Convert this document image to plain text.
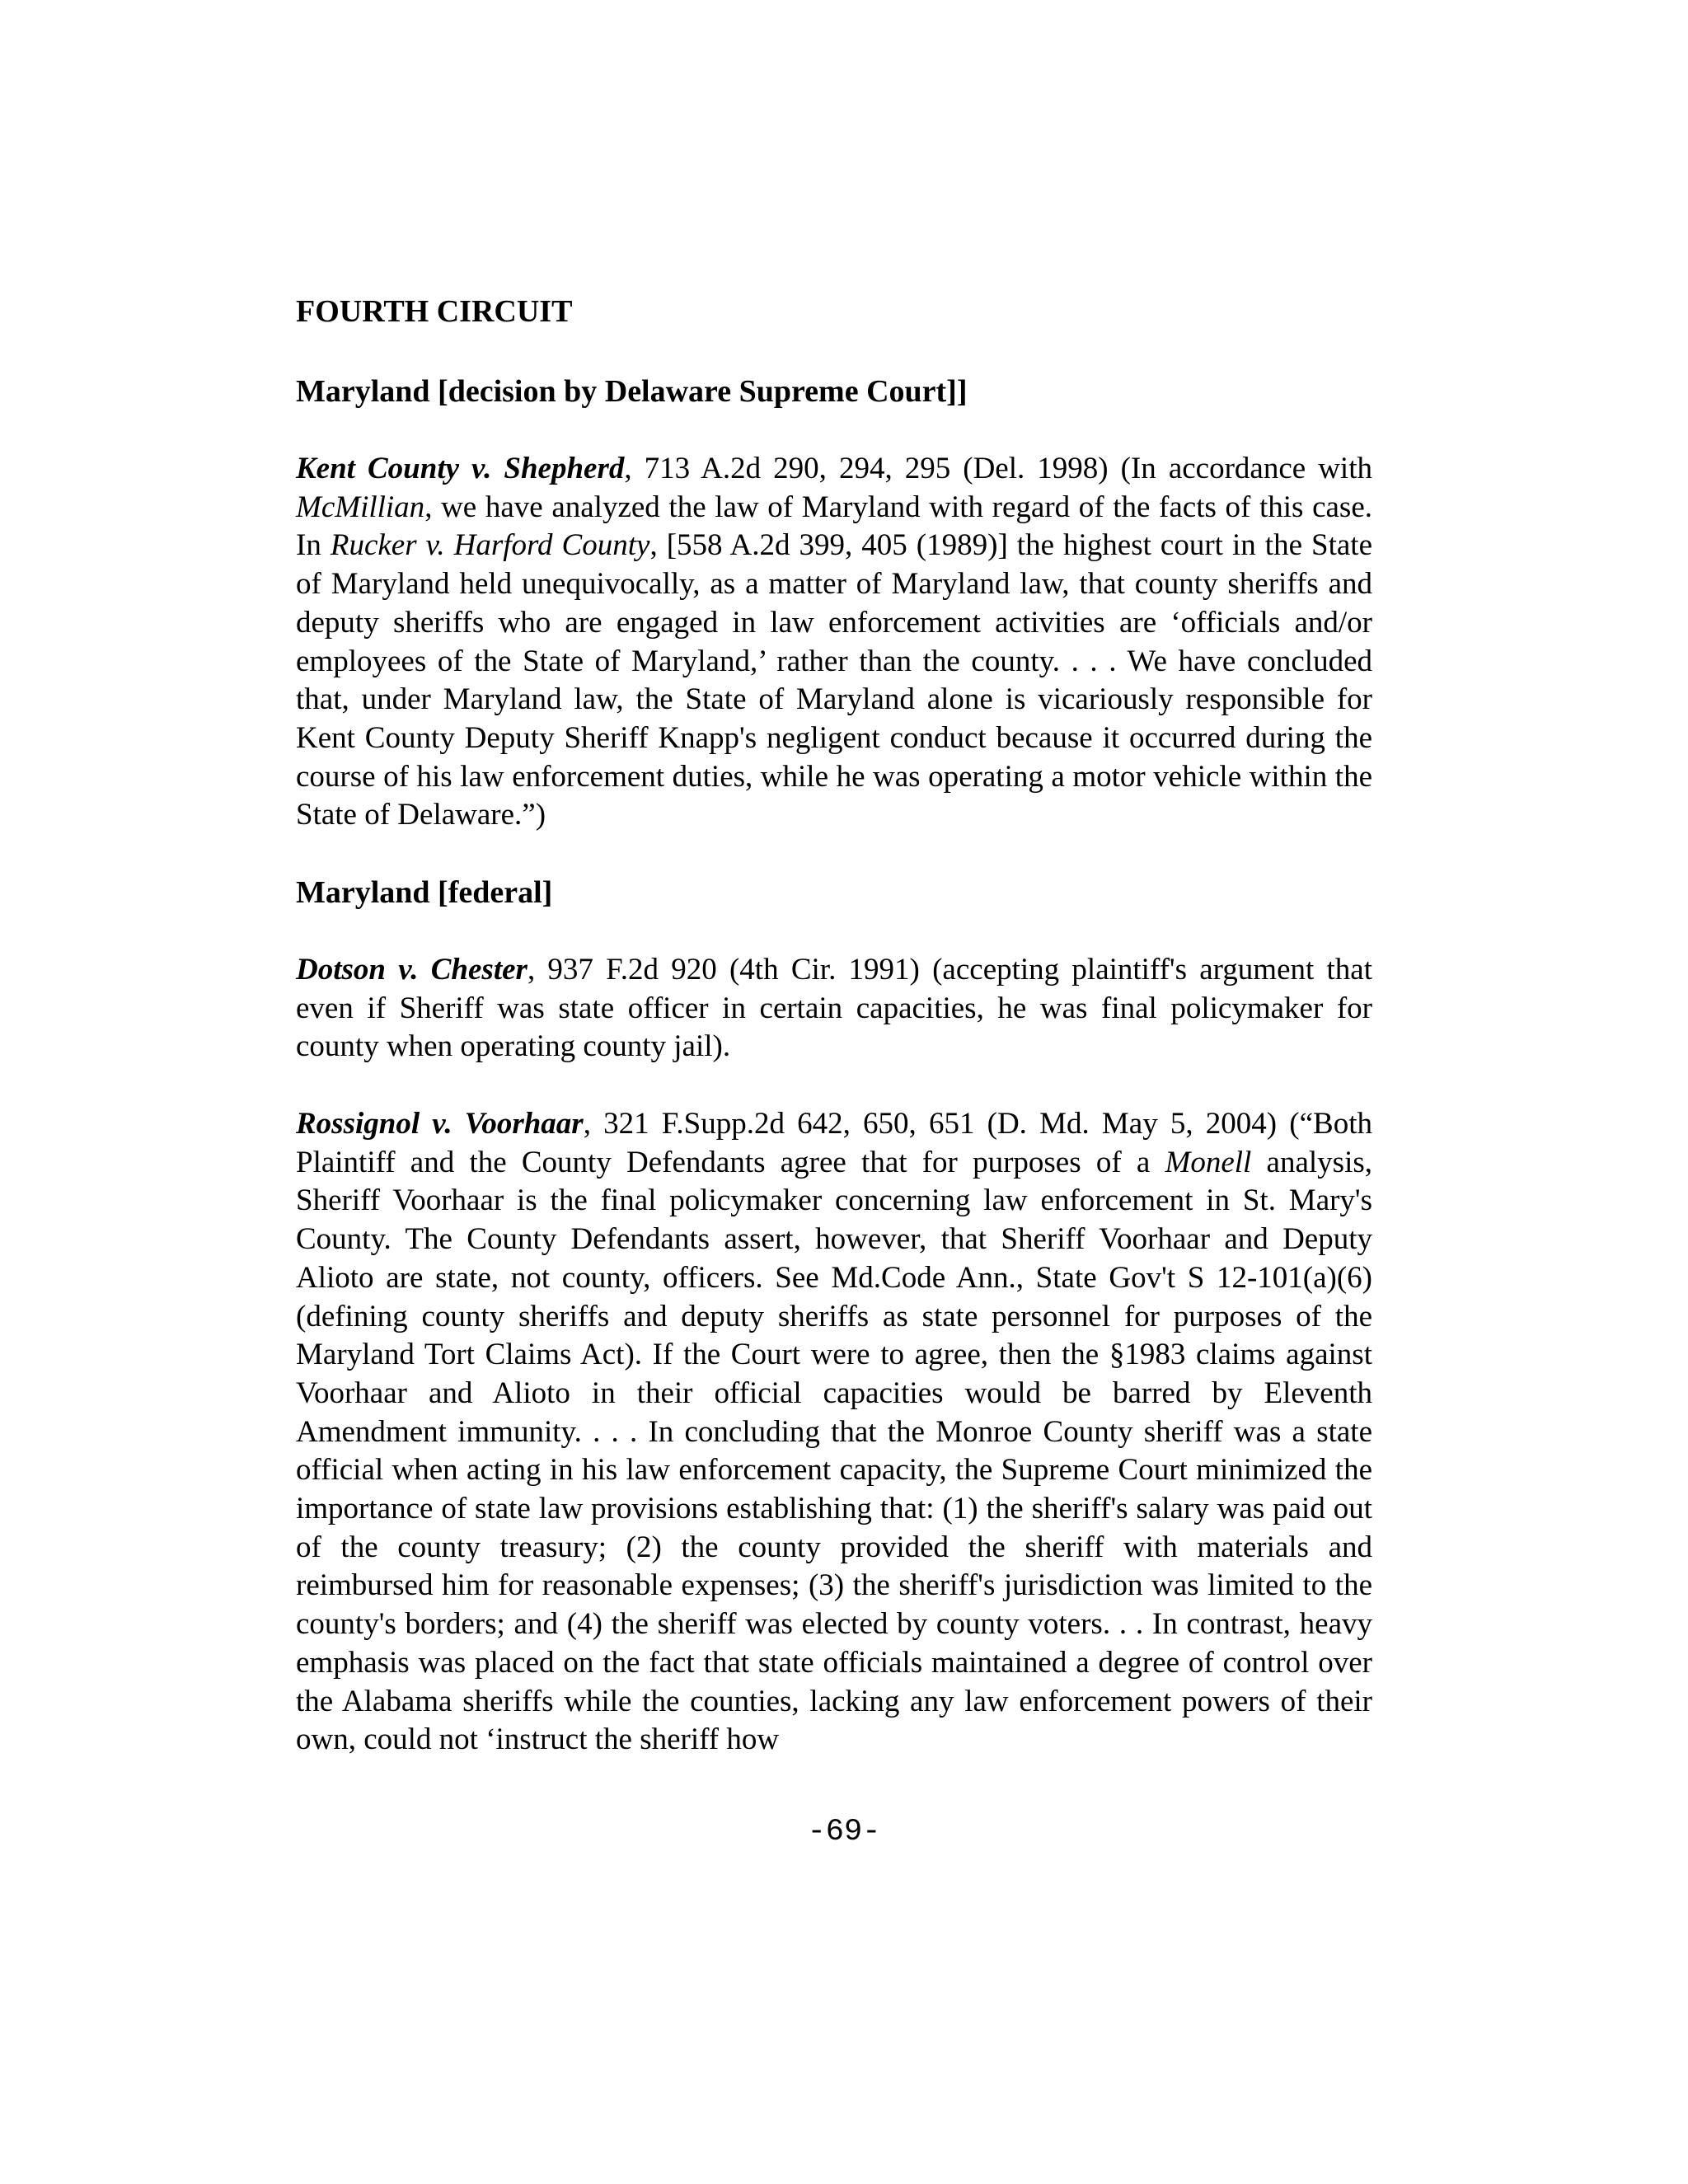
FOURTH CIRCUIT
Maryland [decision by Delaware Supreme Court]]

Kent County v. Shepherd, 713 A.2d 290, 294, 295 (Del. 1998) (In accordance with McMillian, we have analyzed the law of Maryland with regard of the facts of this case. In Rucker v. Harford County, [558 A.2d 399, 405 (1989)] the highest court in the State of Maryland held unequivocally, as a matter of Maryland law, that county sheriffs and deputy sheriffs who are engaged in law enforcement activities are ‘officials and/or employees of the State of Maryland,’ rather than the county. . . . We have concluded that, under Maryland law, the State of Maryland alone is vicariously responsible for Kent County Deputy Sheriff Knapp's negligent conduct because it occurred during the course of his law enforcement duties, while he was operating a motor vehicle within the State of Delaware.”)

Maryland [federal]

Dotson v. Chester, 937 F.2d 920 (4th Cir. 1991) (accepting plaintiff's argument that even if Sheriff was state officer in certain capacities, he was final policymaker for county when operating county jail).

Rossignol v. Voorhaar, 321 F.Supp.2d 642, 650, 651 (D. Md. May 5, 2004) (“Both Plaintiff and the County Defendants agree that for purposes of a Monell analysis, Sheriff Voorhaar is the final policymaker concerning law enforcement in St. Mary's County. The County Defendants assert, however, that Sheriff Voorhaar and Deputy Alioto are state, not county, officers. See Md.Code Ann., State Gov't S 12-101(a)(6) (defining county sheriffs and deputy sheriffs as state personnel for purposes of the Maryland Tort Claims Act). If the Court were to agree, then the §1983 claims against Voorhaar and Alioto in their official capacities would be barred by Eleventh Amendment immunity. . . . In concluding that the Monroe County sheriff was a state official when acting in his law enforcement capacity, the Supreme Court minimized the importance of state law provisions establishing that: (1) the sheriff's salary was paid out of the county treasury; (2) the county provided the sheriff with materials and reimbursed him for reasonable expenses; (3) the sheriff's jurisdiction was limited to the county's borders; and (4) the sheriff was elected by county voters. . . In contrast, heavy emphasis was placed on the fact that state officials maintained a degree of control over the Alabama sheriffs while the counties, lacking any law enforcement powers of their own, could not ‘instruct the sheriff how

-69-
